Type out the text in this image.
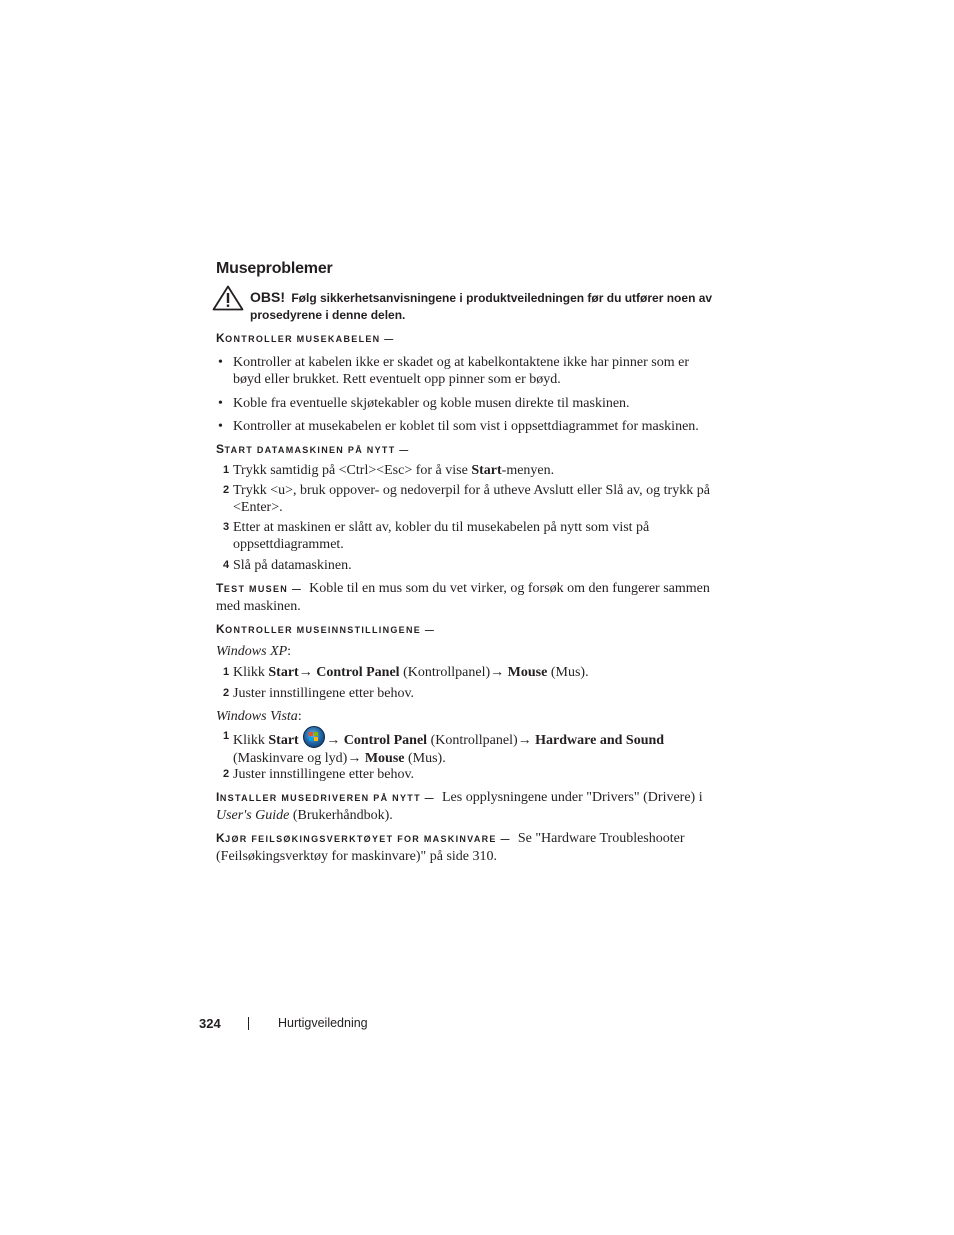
Museproblemer
OBS! Følg sikkerhetsanvisningene i produktveiledningen før du utfører noen av prosedyrene i denne delen.
KONTROLLER MUSEKABELEN —
• Kontroller at kabelen ikke er skadet og at kabelkontaktene ikke har pinner som er bøyd eller brukket. Rett eventuelt opp pinner som er bøyd.
• Koble fra eventuelle skjøtekabler og koble musen direkte til maskinen.
• Kontroller at musekabelen er koblet til som vist i oppsettdiagrammet for maskinen.
START DATAMASKINEN PÅ NYTT —
1 Trykk samtidig på <Ctrl><Esc> for å vise Start-menyen.
2 Trykk <u>, bruk oppover- og nedoverpil for å utheve Avslutt eller Slå av, og trykk på <Enter>.
3 Etter at maskinen er slått av, kobler du til musekabelen på nytt som vist på oppsettdiagrammet.
4 Slå på datamaskinen.
TEST MUSEN — Koble til en mus som du vet virker, og forsøk om den fungerer sammen med maskinen.
KONTROLLER MUSEINNSTILLINGENE —
Windows XP:
1 Klikk Start→ Control Panel (Kontrollpanel)→ Mouse (Mus).
2 Juster innstillingene etter behov.
Windows Vista:
1 Klikk Start → Control Panel (Kontrollpanel)→ Hardware and Sound
(Maskinvare og lyd)→ Mouse (Mus).
2 Juster innstillingene etter behov.
INSTALLER MUSEDRIVEREN PÅ NYTT — Les opplysningene under "Drivers" (Drivere) i User's Guide (Brukerhåndbok).
KJØR FEILSØKINGSVERKTØYET FOR MASKINVARE — Se "Hardware Troubleshooter (Feilsøkingsverktøy for maskinvare)" på side 310.
324	Hurtigveiledning
